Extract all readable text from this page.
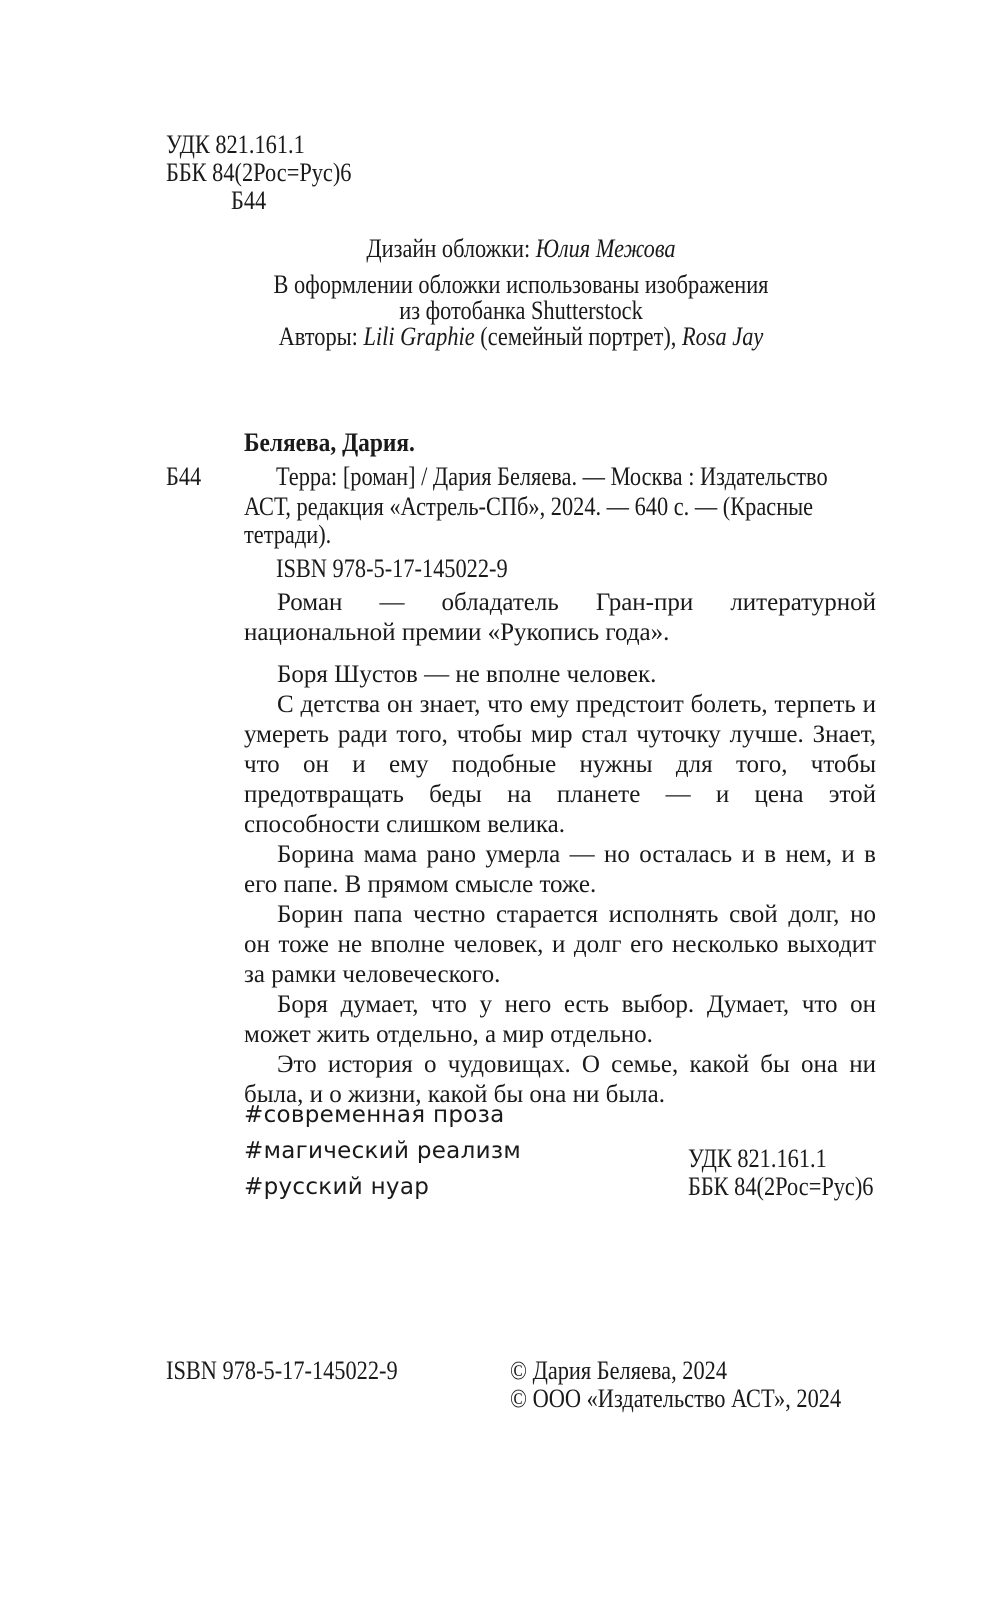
УДК 821.161.1
ББК 84(2Рос=Рус)6
Б44
Дизайн обложки: Юлия Межова
В оформлении обложки использованы изображения
из фотобанка Shutterstock
Авторы: Lili Graphie (семейный портрет), Rosa Jay
Беляева, Дария.
Б44	Терра: [роман] / Дария Беляева. — Москва : Издательство
АСТ, редакция «Астрель-СПб», 2024. — 640 с. — (Красные
тетради).
ISBN 978-5-17-145022-9

Роман — обладатель Гран-при литературной национальной премии «Рукопись года».

Боря Шустов — не вполне человек.

С детства он знает, что ему предстоит болеть, терпеть и умереть ради того, чтобы мир стал чуточку лучше. Знает, что он и ему подобные нужны для того, чтобы предотвращать беды на планете — и цена этой способности слишком велика.

Борина мама рано умерла — но осталась и в нем, и в его папе. В прямом смысле тоже.

Борин папа честно старается исполнять свой долг, но он тоже не вполне человек, и долг его несколько выходит за рамки человеческого.

Боря думает, что у него есть выбор. Думает, что он может жить отдельно, а мир отдельно.

Это история о чудовищах. О семье, какой бы она ни была, и о жизни, какой бы она ни была.

#современная проза
#магический реализм
#русский нуар
УДК 821.161.1
ББК 84(2Рос=Рус)6
ISBN 978-5-17-145022-9	© Дария Беляева, 2024
© ООО «Издательство АСТ», 2024
